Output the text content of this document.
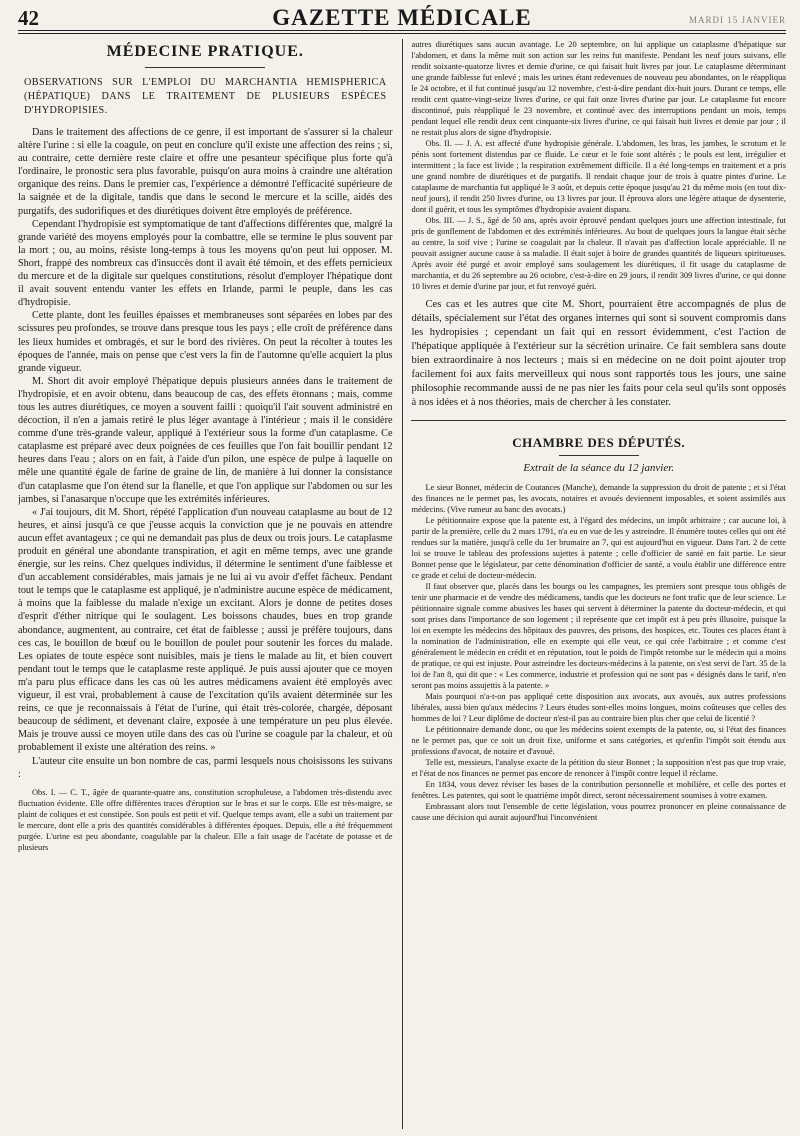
42	GAZETTE MÉDICALE	MARDI 15 JANVIER
MÉDECINE PRATIQUE.
OBSERVATIONS SUR L'EMPLOI DU MARCHANTIA HEMISPHERICA (HÉPATIQUE) DANS LE TRAITEMENT DE PLUSIEURS ESPÈCES D'HYDROPISIES.

Dans le traitement des affections de ce genre, il est important de s'assurer si la chaleur altère l'urine : si elle la coagule, on peut en conclure qu'il existe une affection des reins ; si, au contraire, cette dernière reste claire et offre une pesanteur spécifique plus forte qu'à l'ordinaire, le pronostic sera plus favorable, puisqu'on aura moins à craindre une altération organique des reins. Dans le premier cas, l'expérience a démontré l'efficacité supérieure de la saignée et de la digitale, tandis que dans le second le mercure et la scille, aidés des purgatifs, des sudorifiques et des diurétiques doivent être employés de préférence.

Cependant l'hydropisie est symptomatique de tant d'affections différentes que, malgré la grande variété des moyens employés pour la combattre, elle se termine le plus souvent par la mort ; ou, au moins, résiste long-temps à tous les moyens qu'on peut lui opposer. M. Short, frappé des nombreux cas d'insuccès dont il avait été témoin, et des effets pernicieux du mercure et de la digitale sur quelques constitutions, résolut d'employer l'hépatique dont il avait souvent entendu vanter les effets en Irlande, parmi le peuple, dans les cas d'hydropisie.

Cette plante, dont les feuilles épaisses et membraneuses sont séparées en lobes par des scissures peu profondes, se trouve dans presque tous les pays ; elle croît de préférence dans les lieux humides et ombragés, et sur le bord des rivières. On peut la récolter à toutes les époques de l'année, mais on pense que c'est vers la fin de l'automne qu'elle acquiert la plus grande vigueur.

M. Short dit avoir employé l'hépatique depuis plusieurs années dans le traitement de l'hydropisie, et en avoir obtenu, dans beaucoup de cas, des effets étonnans ; mais, comme tous les autres diurétiques, ce moyen a souvent failli : quoiqu'il l'ait souvent administré en décoction, il n'en a jamais retiré le plus léger avantage à l'intérieur ; mais il le considère comme d'une très-grande valeur, appliqué à l'extérieur sous la forme d'un cataplasme. Ce cataplasme est préparé avec deux poignées de ces feuilles que l'on fait bouillir pendant 12 heures dans l'eau ; alors on en fait, à l'aide d'un pilon, une espèce de pulpe à laquelle on mêle une quantité égale de farine de graine de lin, de manière à lui donner la consistance d'un cataplasme que l'on étend sur la flanelle, et que l'on applique sur l'abdomen ou sur les jambes, si l'anasarque n'occupe que les extrémités inférieures.

« J'ai toujours, dit M. Short, répété l'application d'un nouveau cataplasme au bout de 12 heures, et ainsi jusqu'à ce que j'eusse acquis la conviction que je ne pouvais en attendre aucun effet avantageux ; ce qui ne demandait pas plus de deux ou trois jours. Le cataplasme produit en général une abondante transpiration, et agit en même temps, avec une grande énergie, sur les reins. Chez quelques individus, il détermine le sentiment d'une faiblesse et d'un accablement considérables, mais jamais je ne lui ai vu avoir d'effet fâcheux. Pendant tout le temps que le cataplasme est appliqué, je n'administre aucune espèce de médicament, à moins que la faiblesse du malade n'exige un excitant. Alors je donne de petites doses d'esprit d'éther nitrique qui le soulagent. Les boissons chaudes, bues en trop grande abondance, augmentent, au contraire, cet état de faiblesse ; aussi je préfère toujours, dans ces cas, le bouillon de bœuf ou le bouillon de poulet pour soutenir les forces du malade. Les opiates de toute espèce sont nuisibles, mais je tiens le malade au lit, et bien couvert pendant tout le temps que le cataplasme reste appliqué. Je puis aussi ajouter que ce moyen m'a paru plus efficace dans les cas où les autres médicamens avaient été employés avec vigueur, il est vrai, probablement à cause de l'excitation qu'ils avaient déterminée sur les reins, ce que je reconnaissais à l'état de l'urine, qui était très-colorée, chargée, déposant beaucoup de sédiment, et devenant claire, exposée à une température un peu plus élevée. Mais je trouve aussi ce moyen utile dans des cas où l'urine se coagule par la chaleur, et où probablement il existe une altération des reins. »

L'auteur cite ensuite un bon nombre de cas, parmi lesquels nous choisissons les suivans :

Obs. I. — C. T., âgée de quarante-quatre ans, constitution scrophuleuse, a l'abdomen très-distendu avec fluctuation évidente. Elle offre différentes traces d'éruption sur le bras et sur le corps. Elle est très-maigre, se plaint de coliques et est constipée. Son pouls est petit et vif. Quelque temps avant, elle a subi un traitement par le mercure, dont elle a pris des quantités considérables à différentes époques. Depuis, elle a été fréquemment purgée. L'urine est peu abondante, coagulable par la chaleur. Elle a fait usage de l'acétate de potasse et de plusieurs

autres diurétiques sans aucun avantage. Le 20 septembre, on lui applique un cataplasme d'hépatique sur l'abdomen, et dans la même nuit son action sur les reins fut manifeste. Pendant les neuf jours suivans, elle rendit soixante-quatorze livres et demie d'urine, ce qui faisait huit livres par jour. Le cataplasme déterminant une grande faiblesse fut enlevé ; mais les urines étant redevenues de nouveau peu abondantes, on le réappliqua le 24 octobre, et il fut continué jusqu'au 12 novembre, c'est-à-dire pendant dix-huit jours. Durant ce temps, elle rendit cent quatre-vingt-seize livres d'urine, ce qui fait onze livres d'urine par jour. Le cataplasme fut encore discontinué, puis réappliqué le 23 novembre, et continué avec des interruptions pendant un mois, temps pendant lequel elle rendit deux cent cinquante-six livres d'urine, ce qui faisait huit livres et demie par jour ; il ne restait plus alors de signe d'hydropisie.

Obs. II. — J. A. est affecté d'une hydropisie générale. L'abdomen, les bras, les jambes, le scrotum et le pénis sont fortement distendus par ce fluide. Le cœur et le foie sont altérés ; le pouls est lent, irrégulier et intermittent ; la face est livide ; la respiration extrêmement difficile. Il a été long-temps en traitement et a pris une grand nombre de diurétiques et de purgatifs. Il rendait chaque jour de trois à quatre pintes d'urine. Le cataplasme de marchantia fut appliqué le 3 août, et depuis cette époque jusqu'au 21 du même mois (en tout dix-neuf jours), il rendit 250 livres d'urine, ou 13 livres par jour. Il éprouva alors une légère attaque de dysenterie, dont il guérit, et tous les symptômes d'hydropisie avaient disparu.

Obs. III. — J. S., âgé de 50 ans, après avoir éprouvé pendant quelques jours une affection intestinale, fut pris de gonflement de l'abdomen et des extrémités inférieures. Au bout de quelques jours la langue était sèche au centre, la soif vive ; l'urine se coagulait par la chaleur. Il n'avait pas d'affection locale appréciable. Il ne pouvait assigner aucune cause à sa maladie. Il était sujet à boire de grandes quantités de liqueurs spiritueuses. Après avoir été purgé et avoir employé sans soulagement les diurétiques, il fit usage du cataplasme de marchantia, et du 26 septembre au 26 octobre, c'est-à-dire en 29 jours, il rendit 309 livres d'urine, ce qui donne 10 livres et demie d'urine par jour, et fut renvoyé guéri.

Ces cas et les autres que cite M. Short, pourraient être accompagnés de plus de détails, spécialement sur l'état des organes internes qui sont si souvent compromis dans les hydropisies ; cependant un fait qui en ressort évidemment, c'est l'action de l'hépatique appliquée à l'extérieur sur la sécrétion urinaire. Ce fait semblera sans doute bien extraordinaire à nos lecteurs ; mais si en médecine on ne doit point ajouter trop facilement foi aux faits merveilleux qui nous sont rapportés tous les jours, une saine philosophie recommande aussi de ne pas nier les faits pour cela seul qu'ils sont opposés à nos idées et à nos théories, mais de chercher à les constater.

CHAMBRE DES DÉPUTÉS.
Extrait de la séance du 12 janvier.

Le sieur Bonnet, médecin de Coutances (Manche), demande la suppression du droit de patente ; et si l'état des finances ne le permet pas, les avocats, notaires et avoués deviennent imposables, et soient assimilés aux médecins. (Vive rumeur au banc des avocats.)

Le pétitionnaire expose que la patente est, à l'égard des médecins, un impôt arbitraire ; car aucune loi, à partir de la première, celle du 2 mars 1791, n'a eu en vue de les y astreindre. Il énumère toutes celles qui ont été rendues sur la matière, jusqu'à celle du 1er brumaire an 7, qui est aujourd'hui en vigueur. Dans l'art. 2 de cette loi se trouve le tableau des professions sujettes à patente ; celle d'officier de santé en fait partie. Le sieur Bonnet pense que le législateur, par cette dénomination d'officier de santé, a voulu établir une différence entre ce grade et celui de docteur-médecin.

Il faut observer que, placés dans les bourgs ou les campagnes, les premiers sont presque tous obligés de tenir une pharmacie et de vendre des médicamens, tandis que les docteurs ne font trafic que de leur science. Le pétitionnaire signale comme abusives les bases qui servent à déterminer la patente du docteur-médecin, et qui sont prises dans l'importance de son logement ; il représente que cet impôt est à peu près illusoire, puisque la loi en exempte les médecins des hôpitaux des pauvres, des prisons, des hospices, etc. Toutes ces places étant à la nomination de l'administration, elle en exempte qui elle veut, ce qui crée l'arbitraire ; et comme c'est généralement le médecin en crédit et en réputation, tout le poids de l'impôt retombe sur le médecin qui a moins de pratique, ce qui est injuste. Pour astreindre les docteurs-médecins à la patente, on s'est servi de l'art. 35 de la loi de l'an 8, qui dit que : « Les commerce, industrie et profession qui ne sont pas « désignés dans le tarif, n'en seront pas moins assujettis à la patente. »

Mais pourquoi n'a-t-on pas appliqué cette disposition aux avocats, aux avoués, aux autres professions libérales, aussi bien qu'aux médecins ? Leurs études sont-elles moins longues, moins coûteuses que celles des hommes de loi ? Leur diplôme de docteur n'est-il pas au contraire bien plus cher que celui de licentié ?

Le pétitionnaire demande donc, ou que les médecins soient exempts de la patente, ou, si l'état des finances ne le permet pas, que ce soit un droit fixe, uniforme et sans catégories, et qu'enfin l'impôt soit étendu aux professions d'avocat, de notaire et d'avoué.

Telle est, messieurs, l'analyse exacte de la pétition du sieur Bonnet ; la supposition n'est pas que trop vraie, et l'état de nos finances ne permet pas encore de renoncer à l'impôt contre lequel il réclame.

En 1834, vous devez réviser les bases de la contribution personnelle et mobilière, et celle des portes et fenêtres. Les patentes, qui sont le quatrième impôt direct, seront nécessairement soumises à votre examen.

Embrassant alors tout l'ensemble de cette législation, vous pourrez prononcer en pleine connaissance de cause une décision qui aurait aujourd'hui l'inconvénient
